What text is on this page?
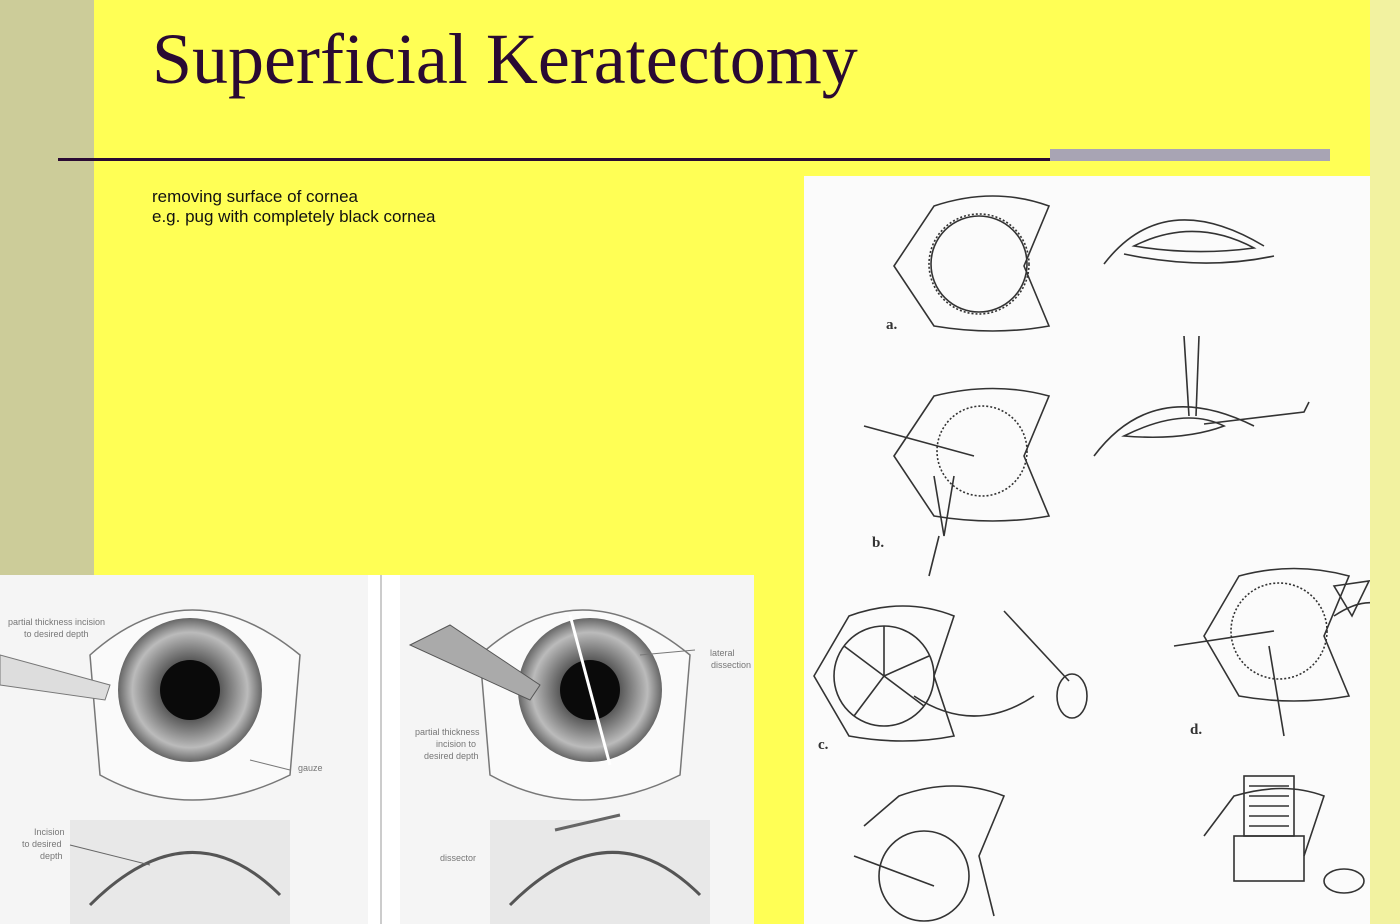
Superficial Keratectomy
removing surface of cornea
e.g. pug with completely black cornea
a.
b.
c.
d.
partial thickness incision
to desired depth
gauze
lateral
dissection
partial thickness
incision to
desired depth
Incision
to desired
depth	dissector
